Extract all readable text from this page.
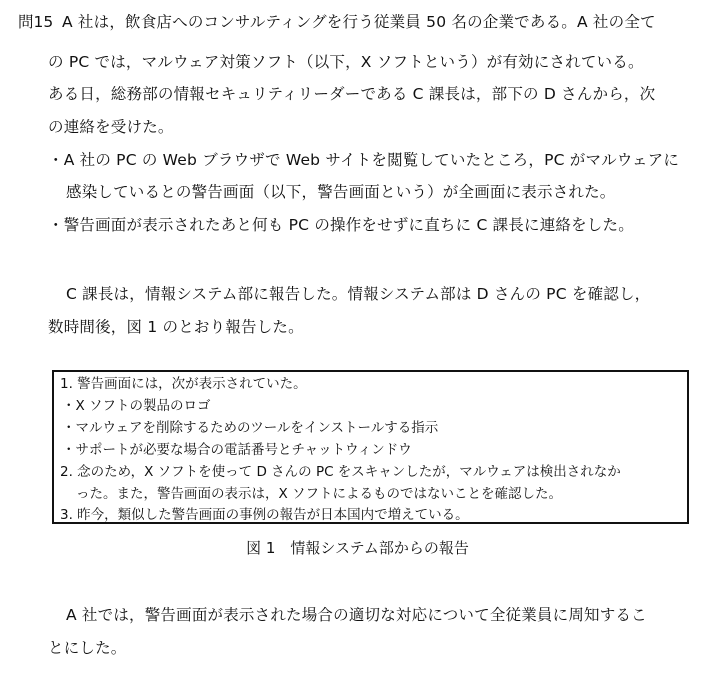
問15 A 社は，飲食店へのコンサルティングを行う従業員 50 名の企業である。A 社の全て
の PC では，マルウェア対策ソフト（以下，X ソフトという）が有効にされている。
ある日，総務部の情報セキュリティリーダーである C 課長は，部下の D さんから，次
の連絡を受けた。
・A 社の PC の Web ブラウザで Web サイトを閲覧していたところ，PC がマルウェアに
感染しているとの警告画面（以下，警告画面という）が全画面に表示された。
・警告画面が表示されたあと何も PC の操作をせずに直ちに C 課長に連絡をした。
C 課長は，情報システム部に報告した。情報システム部は D さんの PC を確認し，
数時間後，図 1 のとおり報告した。
1. 警告画面には，次が表示されていた。
・X ソフトの製品のロゴ
・マルウェアを削除するためのツールをインストールする指示
・サポートが必要な場合の電話番号とチャットウィンドウ
2. 念のため，X ソフトを使って D さんの PC をスキャンしたが，マルウェアは検出されなか
った。また，警告画面の表示は，X ソフトによるものではないことを確認した。
3. 昨今，類似した警告画面の事例の報告が日本国内で増えている。
図 1　情報システム部からの報告
A 社では，警告画面が表示された場合の適切な対応について全従業員に周知するこ
とにした。
